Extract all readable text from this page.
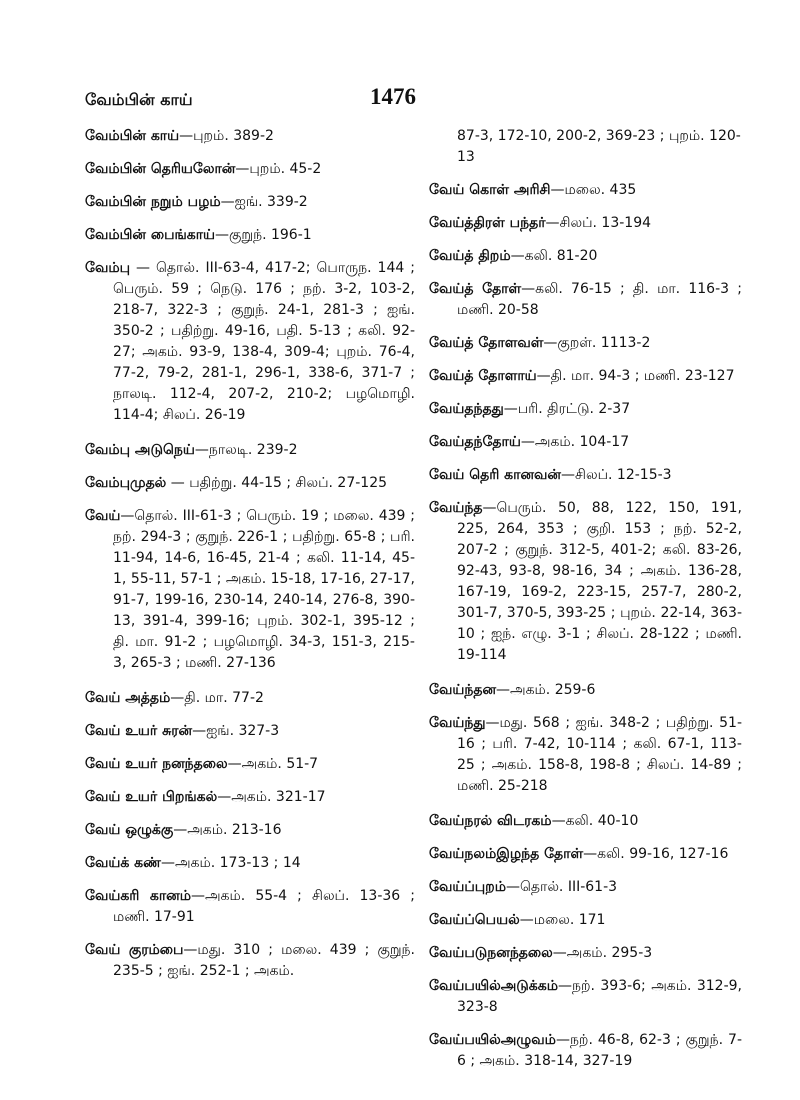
வேம்பின் காய்	1476
வேம்பின் காய்—புறம். 389-2
வேம்பின் தெரியலோன்—புறம். 45-2
வேம்பின் நறும் பழம்—ஐங். 339-2
வேம்பின் பைங்காய்—குறுந். 196-1
வேம்பு — தொல். III-63-4, 417-2; பொருந. 144 ; பெரும். 59 ; நெடு. 176 ; நற். 3-2, 103-2, 218-7, 322-3 ; குறுந். 24-1, 281-3 ; ஐங். 350-2 ; பதிற்று. 49-16, பதி. 5-13 ; கலி. 92-27; அகம். 93-9, 138-4, 309-4; புறம். 76-4, 77-2, 79-2, 281-1, 296-1, 338-6, 371-7 ; நாலடி. 112-4, 207-2, 210-2; பழமொழி. 114-4; சிலப். 26-19
வேம்பு அடுநெய்—நாலடி. 239-2
வேம்புமுதல் — பதிற்று. 44-15 ; சிலப். 27-125
வேய்—தொல். III-61-3 ; பெரும். 19 ; மலை. 439 ; நற். 294-3 ; குறுந். 226-1 ; பதிற்று. 65-8 ; பரி. 11-94, 14-6, 16-45, 21-4 ; கலி. 11-14, 45-1, 55-11, 57-1 ; அகம். 15-18, 17-16, 27-17, 91-7, 199-16, 230-14, 240-14, 276-8, 390-13, 391-4, 399-16; புறம். 302-1, 395-12 ; தி. மா. 91-2 ; பழமொழி. 34-3, 151-3, 215-3, 265-3 ; மணி. 27-136
வேய் அத்தம்—தி. மா. 77-2
வேய் உயர் சுரன்—ஐங். 327-3
வேய் உயர் நனந்தலை—அகம். 51-7
வேய் உயர் பிறங்கல்—அகம். 321-17
வேய் ஒழுக்கு—அகம். 213-16
வேய்க் கண்—அகம். 173-13 ; 14
வேய்கரி கானம்—அகம். 55-4 ; சிலப். 13-36 ; மணி. 17-91
வேய் குரம்பை—மது. 310 ; மலை. 439 ; குறுந். 235-5 ; ஐங். 252-1 ; அகம்.
87-3, 172-10, 200-2, 369-23 ; புறம். 120-13
வேய் கொள் அரிசி—மலை. 435
வேய்த்திரள் பந்தர்—சிலப். 13-194
வேய்த் திறம்—கலி. 81-20
வேய்த் தோள்—கலி. 76-15 ; தி. மா. 116-3 ; மணி. 20-58
வேய்த் தோளவள்—குறள். 1113-2
வேய்த் தோளாய்—தி. மா. 94-3 ; மணி. 23-127
வேய்தந்தது—பரி. திரட்டு. 2-37
வேய்தந்தோய்—அகம். 104-17
வேய் தெரி கானவன்—சிலப். 12-15-3
வேய்ந்த—பெரும். 50, 88, 122, 150, 191, 225, 264, 353 ; குறி. 153 ; நற். 52-2, 207-2 ; குறுந். 312-5, 401-2; கலி. 83-26, 92-43, 93-8, 98-16, 34 ; அகம். 136-28, 167-19, 169-2, 223-15, 257-7, 280-2, 301-7, 370-5, 393-25 ; புறம். 22-14, 363-10 ; ஐந். எழு. 3-1 ; சிலப். 28-122 ; மணி. 19-114
வேய்ந்தன—அகம். 259-6
வேய்ந்து—மது. 568 ; ஐங். 348-2 ; பதிற்று. 51-16 ; பரி. 7-42, 10-114 ; கலி. 67-1, 113-25 ; அகம். 158-8, 198-8 ; சிலப். 14-89 ; மணி. 25-218
வேய்நரல் விடரகம்—கலி. 40-10
வேய்நலம்இழந்த தோள்—கலி. 99-16, 127-16
வேய்ப்புறம்—தொல். III-61-3
வேய்ப்பெயல்—மலை. 171
வேய்படுநனந்தலை—அகம். 295-3
வேய்பயில்அடுக்கம்—நற். 393-6; அகம். 312-9, 323-8
வேய்பயில்அழுவம்—நற். 46-8, 62-3 ; குறுந். 7-6 ; அகம். 318-14, 327-19
